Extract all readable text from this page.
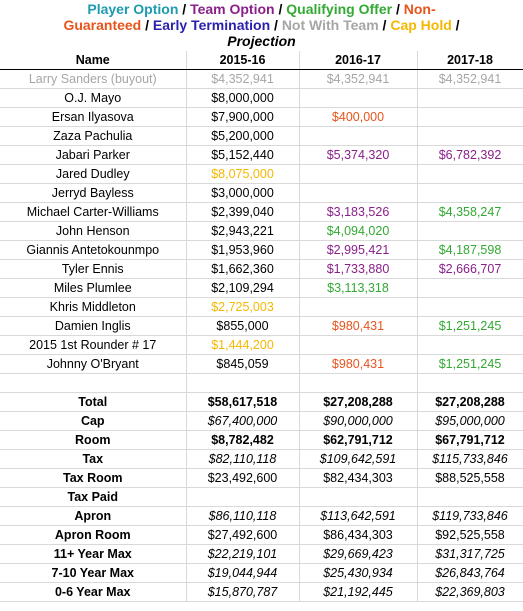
Player Option / Team Option / Qualifying Offer / Non-
Guaranteed / Early Termination / Not With Team / Cap Hold /
Projection
Name	2015-16	2016-17	2017-18
Larry Sanders (buyout)	$4,352,941	$4,352,941	$4,352,941
O.J. Mayo	$8,000,000		
Ersan Ilyasova	$7,900,000	$400,000	
Zaza Pachulia	$5,200,000		
Jabari Parker	$5,152,440	$5,374,320	$6,782,392
Jared Dudley	$8,075,000		
Jerryd Bayless	$3,000,000		
Michael Carter-Williams	$2,399,040	$3,183,526	$4,358,247
John Henson	$2,943,221	$4,094,020	
Giannis Antetokounmpo	$1,953,960	$2,995,421	$4,187,598
Tyler Ennis	$1,662,360	$1,733,880	$2,666,707
Miles Plumlee	$2,109,294	$3,113,318	
Khris Middleton	$2,725,003		
Damien Inglis	$855,000	$980,431	$1,251,245
2015 1st Rounder # 17	$1,444,200		
Johnny O'Bryant	$845,059	$980,431	$1,251,245

Total	$58,617,518	$27,208,288	$27,208,288
Cap	$67,400,000	$90,000,000	$95,000,000
Room	$8,782,482	$62,791,712	$67,791,712
Tax	$82,110,118	$109,642,591	$115,733,846
Tax Room	$23,492,600	$82,434,303	$88,525,558
Tax Paid			
Apron	$86,110,118	$113,642,591	$119,733,846
Apron Room	$27,492,600	$86,434,303	$92,525,558
11+ Year Max	$22,219,101	$29,669,423	$31,317,725
7-10 Year Max	$19,044,944	$25,430,934	$26,843,764
0-6 Year Max	$15,870,787	$21,192,445	$22,369,803
